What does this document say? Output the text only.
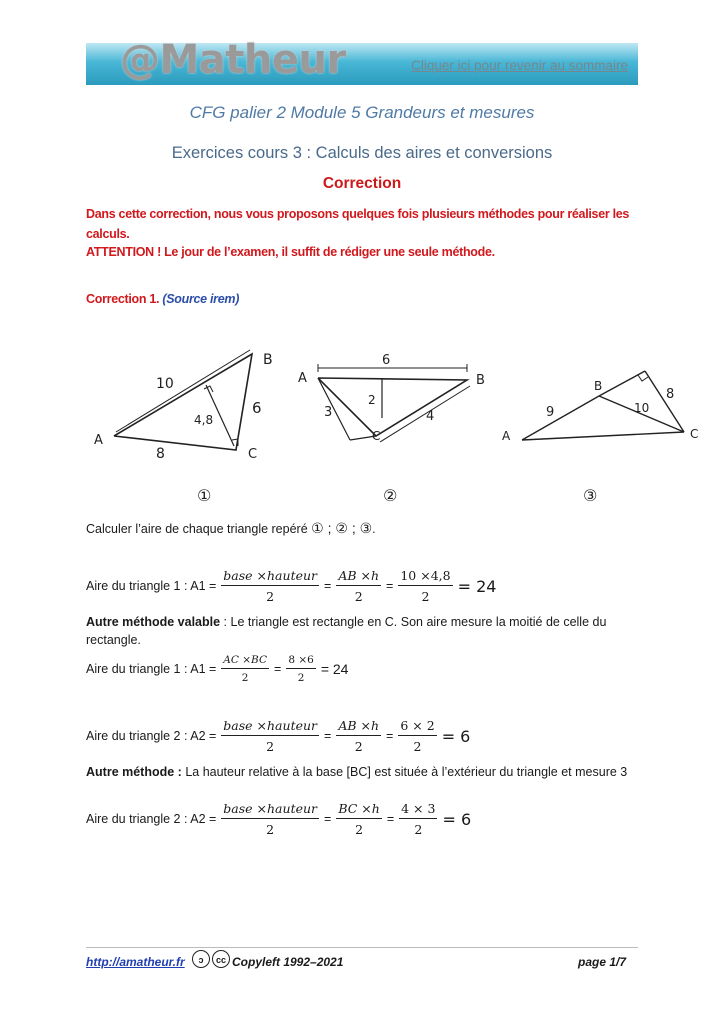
@Matheur	Cliquer ici pour revenir au sommaire
CFG palier 2 Module 5 Grandeurs et mesures
Exercices cours 3 : Calculs des aires et conversions
Correction
Dans cette correction, nous vous proposons quelques fois plusieurs méthodes pour réaliser les calculs.
ATTENTION ! Le jour de l’examen, il suffit de rédiger une seule méthode.
Correction 1. (Source irem)
A
B
C
10
4,8
6
8
A	B
C
6
2
3	4
A
B
C
9	10
8
①	②	③
Calculer l’aire de chaque triangle repéré ① ; ② ; ③.
Aire du triangle 1 : $A1 = \frac{\text{base ×hauteur}}{2} = \frac{AB \times h}{2} = \frac{10 \times 4,8}{2} = 24$
Autre méthode valable : Le triangle est rectangle en C. Son aire mesure la moitié de celle du rectangle.
Aire du triangle 1 : $A1 = \frac{AC \times BC}{2} = \frac{8 \times 6}{2} = 24$
Aire du triangle 2 : $A2 = \frac{\text{base ×hauteur}}{2} = \frac{AB \times h}{2} = \frac{6 \times 2}{2} = 6$
Autre méthode : La hauteur relative à la base [BC] est située à l’extérieur du triangle et mesure 3
Aire du triangle 2 : $A2 = \frac{\text{base ×hauteur}}{2} = \frac{BC \times h}{2} = \frac{4 \times 3}{2} = 6$
http://amatheur.fr	ↄ	cc Copyleft 1992–2021	page 1/7
